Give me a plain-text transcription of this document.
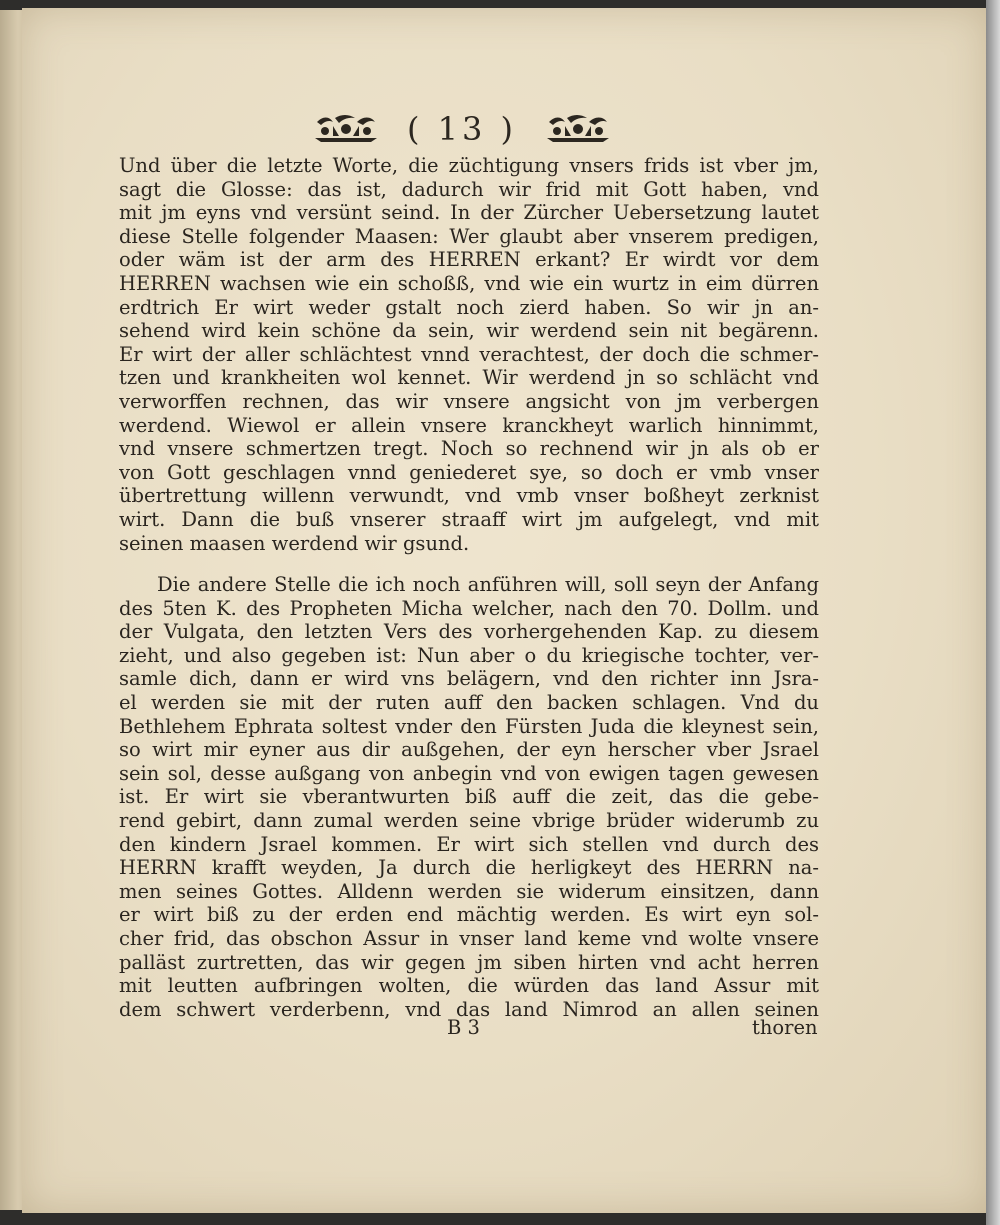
( 13 )
Und über die letzte Worte, die züchtigung vnsers frids ist vber jm,
sagt die Glosse: das ist, dadurch wir frid mit Gott haben, vnd
mit jm eyns vnd versünt seind. In der Zürcher Uebersetzung lautet
diese Stelle folgender Maasen: Wer glaubt aber vnserem predigen,
oder wäm ist der arm des HERREN erkant? Er wirdt vor dem
HERREN wachsen wie ein schoßß, vnd wie ein wurtz in eim dürren
erdtrich Er wirt weder gstalt noch zierd haben. So wir jn an-
sehend wird kein schöne da sein, wir werdend sein nit begärenn.
Er wirt der aller schlächtest vnnd verachtest, der doch die schmer-
tzen und krankheiten wol kennet. Wir werdend jn so schlächt vnd
verworffen rechnen, das wir vnsere angsicht von jm verbergen
werdend. Wiewol er allein vnsere kranckheyt warlich hinnimmt,
vnd vnsere schmertzen tregt. Noch so rechnend wir jn als ob er
von Gott geschlagen vnnd geniederet sye, so doch er vmb vnser
übertrettung willenn verwundt, vnd vmb vnser boßheyt zerknist
wirt. Dann die buß vnserer straaff wirt jm aufgelegt, vnd mit
seinen maasen werdend wir gsund.
Die andere Stelle die ich noch anführen will, soll seyn der Anfang
des 5ten K. des Propheten Micha welcher, nach den 70. Dollm. und
der Vulgata, den letzten Vers des vorhergehenden Kap. zu diesem
zieht, und also gegeben ist: Nun aber o du kriegische tochter, ver-
samle dich, dann er wird vns belägern, vnd den richter inn Jsra-
el werden sie mit der ruten auff den backen schlagen. Vnd du
Bethlehem Ephrata soltest vnder den Fürsten Juda die kleynest sein,
so wirt mir eyner aus dir außgehen, der eyn herscher vber Jsrael
sein sol, desse außgang von anbegin vnd von ewigen tagen gewesen
ist. Er wirt sie vberantwurten biß auff die zeit, das die gebe-
rend gebirt, dann zumal werden seine vbrige brüder widerumb zu
den kindern Jsrael kommen. Er wirt sich stellen vnd durch des
HERRN krafft weyden, Ja durch die herligkeyt des HERRN na-
men seines Gottes. Alldenn werden sie widerum einsitzen, dann
er wirt biß zu der erden end mächtig werden. Es wirt eyn sol-
cher frid, das obschon Assur in vnser land keme vnd wolte vnsere
palläst zurtretten, das wir gegen jm siben hirten vnd acht herren
mit leutten aufbringen wolten, die würden das land Assur mit
dem schwert verderbenn, vnd das land Nimrod an allen seinen
B 3	thoren
